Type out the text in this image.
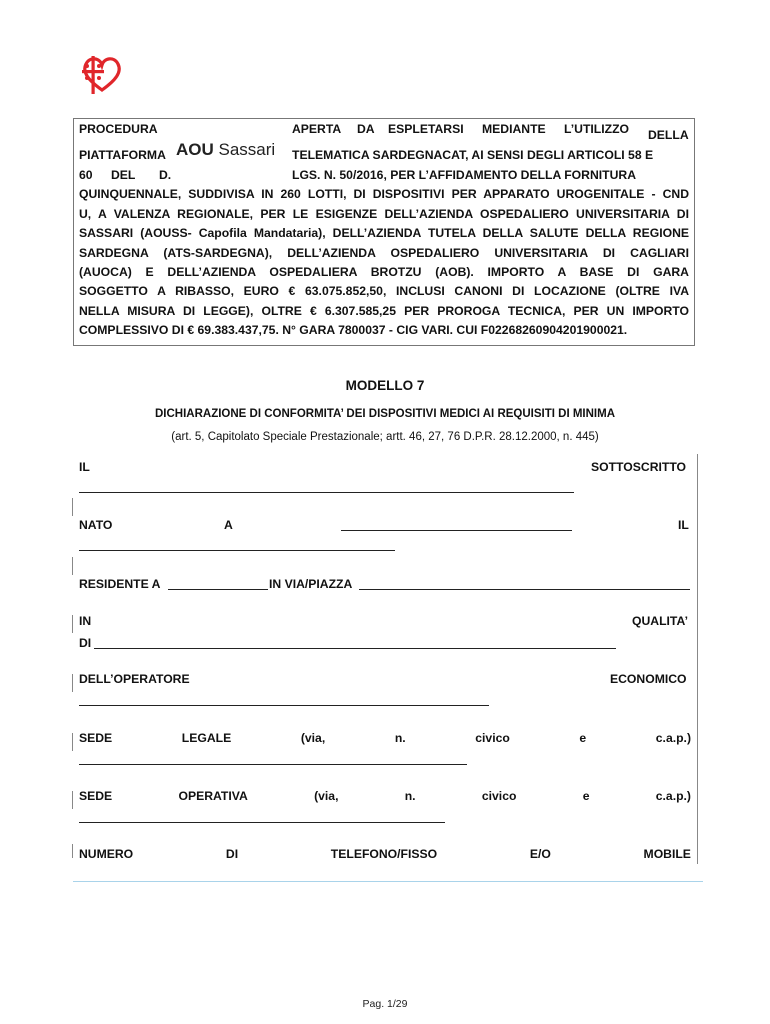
PROCEDURA	APERTA DA ESPLETARSI MEDIANTE L’UTILIZZO DELLA
PIATTAFORMA AOU Sassari TELEMATICA SARDEGNACAT, AI SENSI DEGLI ARTICOLI 58 E
60 DEL D.	LGS. N. 50/2016, PER L’AFFIDAMENTO DELLA FORNITURA
QUINQUENNALE, SUDDIVISA IN 260 LOTTI, DI DISPOSITIVI PER APPARATO UROGENITALE - CND
U, A VALENZA REGIONALE, PER LE ESIGENZE DELL’AZIENDA OSPEDALIERO UNIVERSITARIA DI
SASSARI (AOUSS- Capofila Mandataria), DELL’AZIENDA TUTELA DELLA SALUTE DELLA REGIONE
SARDEGNA (ATS-SARDEGNA), DELL’AZIENDA OSPEDALIERO UNIVERSITARIA DI CAGLIARI
(AUOCA) E DELL’AZIENDA OSPEDALIERA BROTZU (AOB). IMPORTO A BASE DI GARA
SOGGETTO A RIBASSO, EURO € 63.075.852,50, INCLUSI CANONI DI LOCAZIONE (OLTRE IVA
NELLA MISURA DI LEGGE), OLTRE € 6.307.585,25 PER PROROGA TECNICA, PER UN IMPORTO
COMPLESSIVO DI € 69.383.437,75. N° GARA 7800037 - CIG VARI. CUI F02268260904201900021.
MODELLO 7
DICHIARAZIONE DI CONFORMITA’ DEI DISPOSITIVI MEDICI AI REQUISITI DI MINIMA
(art. 5, Capitolato Speciale Prestazionale; artt. 46, 27, 76 D.P.R. 28.12.2000, n. 445)
IL	SOTTOSCRITTO
NATO	A	IL
RESIDENTE A	IN VIA/PIAZZA
IN	QUALITA’
DI
DELL’OPERATORE	ECONOMICO
SEDE	LEGALE	(via,	n.	civico	e	c.a.p.)
SEDE	OPERATIVA	(via,	n.	civico	e	c.a.p.)
NUMERO	DI	TELEFONO/FISSO	E/O	MOBILE
Pag. 1/29
